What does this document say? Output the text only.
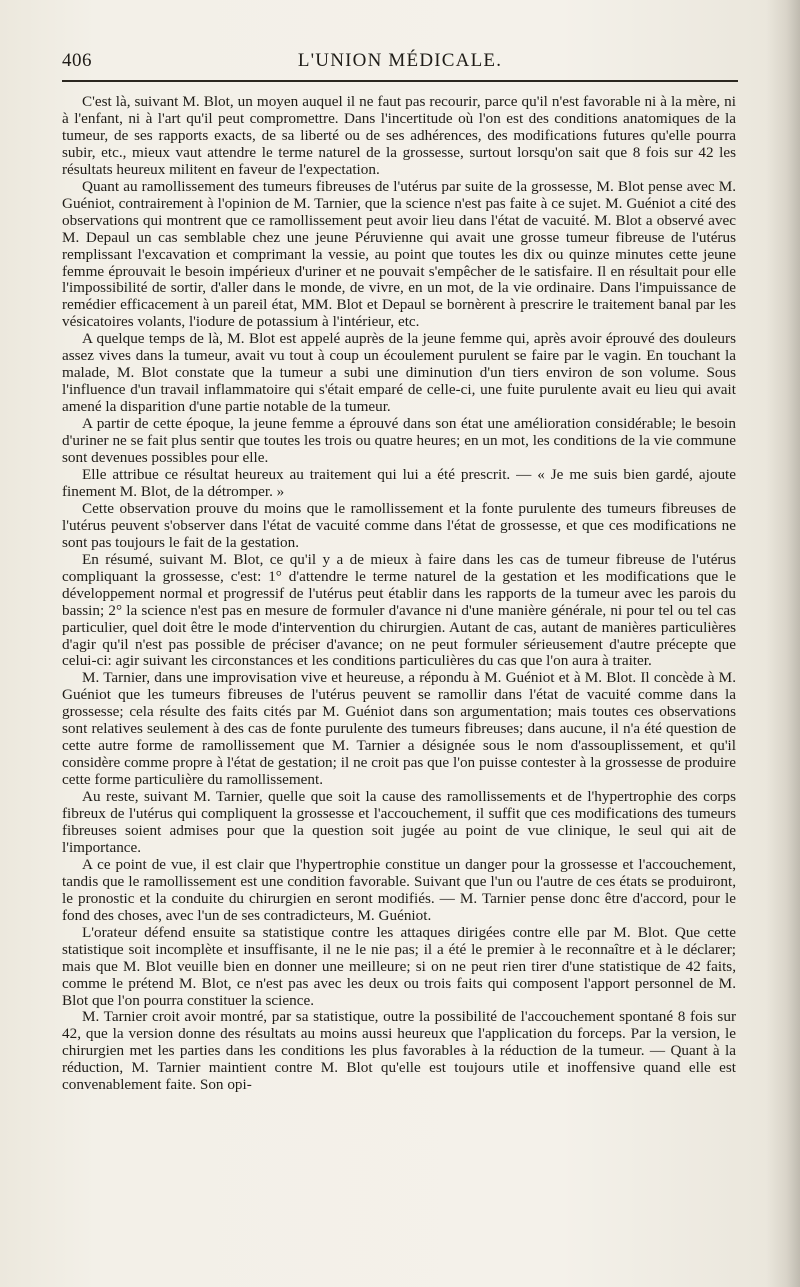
406	L'UNION MÉDICALE.

C'est là, suivant M. Blot, un moyen auquel il ne faut pas recourir, parce qu'il n'est favorable ni à la mère, ni à l'enfant, ni à l'art qu'il peut compromettre. Dans l'incertitude où l'on est des conditions anatomiques de la tumeur, de ses rapports exacts, de sa liberté ou de ses adhérences, des modifications futures qu'elle pourra subir, etc., mieux vaut attendre le terme naturel de la grossesse, surtout lorsqu'on sait que 8 fois sur 42 les résultats heureux militent en faveur de l'expectation.

Quant au ramollissement des tumeurs fibreuses de l'utérus par suite de la grossesse, M. Blot pense avec M. Guéniot, contrairement à l'opinion de M. Tarnier, que la science n'est pas faite à ce sujet. M. Guéniot a cité des observations qui montrent que ce ramollissement peut avoir lieu dans l'état de vacuité. M. Blot a observé avec M. Depaul un cas semblable chez une jeune Péruvienne qui avait une grosse tumeur fibreuse de l'utérus remplissant l'excavation et comprimant la vessie, au point que toutes les dix ou quinze minutes cette jeune femme éprouvait le besoin impérieux d'uriner et ne pouvait s'empêcher de le satisfaire. Il en résultait pour elle l'impossibilité de sortir, d'aller dans le monde, de vivre, en un mot, de la vie ordinaire. Dans l'impuissance de remédier efficacement à un pareil état, MM. Blot et Depaul se bornèrent à prescrire le traitement banal par les vésicatoires volants, l'iodure de potassium à l'intérieur, etc.

A quelque temps de là, M. Blot est appelé auprès de la jeune femme qui, après avoir éprouvé des douleurs assez vives dans la tumeur, avait vu tout à coup un écoulement purulent se faire par le vagin. En touchant la malade, M. Blot constate que la tumeur a subi une diminution d'un tiers environ de son volume. Sous l'influence d'un travail inflammatoire qui s'était emparé de celle-ci, une fuite purulente avait eu lieu qui avait amené la disparition d'une partie notable de la tumeur.

A partir de cette époque, la jeune femme a éprouvé dans son état une amélioration considérable; le besoin d'uriner ne se fait plus sentir que toutes les trois ou quatre heures; en un mot, les conditions de la vie commune sont devenues possibles pour elle.

Elle attribue ce résultat heureux au traitement qui lui a été prescrit. — « Je me suis bien gardé, ajoute finement M. Blot, de la détromper. »

Cette observation prouve du moins que le ramollissement et la fonte purulente des tumeurs fibreuses de l'utérus peuvent s'observer dans l'état de vacuité comme dans l'état de grossesse, et que ces modifications ne sont pas toujours le fait de la gestation.

En résumé, suivant M. Blot, ce qu'il y a de mieux à faire dans les cas de tumeur fibreuse de l'utérus compliquant la grossesse, c'est: 1° d'attendre le terme naturel de la gestation et les modifications que le développement normal et progressif de l'utérus peut établir dans les rapports de la tumeur avec les parois du bassin; 2° la science n'est pas en mesure de formuler d'avance ni d'une manière générale, ni pour tel ou tel cas particulier, quel doit être le mode d'intervention du chirurgien. Autant de cas, autant de manières particulières d'agir qu'il n'est pas possible de préciser d'avance; on ne peut formuler sérieusement d'autre précepte que celui-ci: agir suivant les circonstances et les conditions particulières du cas que l'on aura à traiter.

M. Tarnier, dans une improvisation vive et heureuse, a répondu à M. Guéniot et à M. Blot. Il concède à M. Guéniot que les tumeurs fibreuses de l'utérus peuvent se ramollir dans l'état de vacuité comme dans la grossesse; cela résulte des faits cités par M. Guéniot dans son argumentation; mais toutes ces observations sont relatives seulement à des cas de fonte purulente des tumeurs fibreuses; dans aucune, il n'a été question de cette autre forme de ramollissement que M. Tarnier a désignée sous le nom d'assouplissement, et qu'il considère comme propre à l'état de gestation; il ne croit pas que l'on puisse contester à la grossesse de produire cette forme particulière du ramollissement.

Au reste, suivant M. Tarnier, quelle que soit la cause des ramollissements et de l'hypertrophie des corps fibreux de l'utérus qui compliquent la grossesse et l'accouchement, il suffit que ces modifications des tumeurs fibreuses soient admises pour que la question soit jugée au point de vue clinique, le seul qui ait de l'importance.

A ce point de vue, il est clair que l'hypertrophie constitue un danger pour la grossesse et l'accouchement, tandis que le ramollissement est une condition favorable. Suivant que l'un ou l'autre de ces états se produiront, le pronostic et la conduite du chirurgien en seront modifiés. — M. Tarnier pense donc être d'accord, pour le fond des choses, avec l'un de ses contradicteurs, M. Guéniot.

L'orateur défend ensuite sa statistique contre les attaques dirigées contre elle par M. Blot. Que cette statistique soit incomplète et insuffisante, il ne le nie pas; il a été le premier à le reconnaître et à le déclarer; mais que M. Blot veuille bien en donner une meilleure; si on ne peut rien tirer d'une statistique de 42 faits, comme le prétend M. Blot, ce n'est pas avec les deux ou trois faits qui composent l'apport personnel de M. Blot que l'on pourra constituer la science.

M. Tarnier croit avoir montré, par sa statistique, outre la possibilité de l'accouchement spontané 8 fois sur 42, que la version donne des résultats au moins aussi heureux que l'application du forceps. Par la version, le chirurgien met les parties dans les conditions les plus favorables à la réduction de la tumeur. — Quant à la réduction, M. Tarnier maintient contre M. Blot qu'elle est toujours utile et inoffensive quand elle est convenablement faite. Son opi-
